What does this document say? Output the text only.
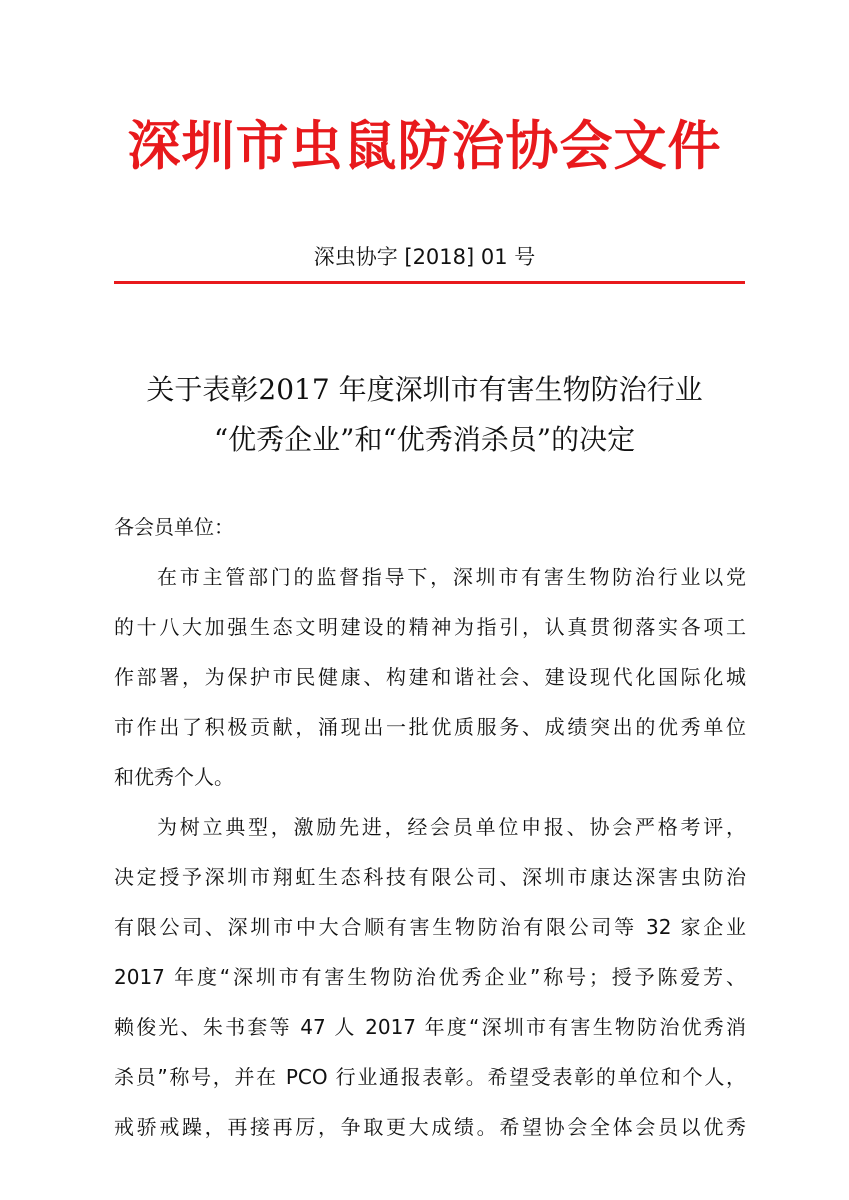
深圳市虫鼠防治协会文件
深虫协字 [2018] 01 号
关于表彰2017 年度深圳市有害生物防治行业
“优秀企业”和“优秀消杀员”的决定
各会员单位：
在市主管部门的监督指导下，深圳市有害生物防治行业以党
的十八大加强生态文明建设的精神为指引，认真贯彻落实各项工
作部署，为保护市民健康、构建和谐社会、建设现代化国际化城
市作出了积极贡献，涌现出一批优质服务、成绩突出的优秀单位
和优秀个人。
为树立典型，激励先进，经会员单位申报、协会严格考评，
决定授予深圳市翔虹生态科技有限公司、深圳市康达深害虫防治
有限公司、深圳市中大合顺有害生物防治有限公司等 32 家企业
2017 年度“深圳市有害生物防治优秀企业”称号；授予陈爱芳、
赖俊光、朱书套等 47 人 2017 年度“深圳市有害生物防治优秀消
杀员”称号，并在 PCO 行业通报表彰。希望受表彰的单位和个人，
戒骄戒躁，再接再厉，争取更大成绩。希望协会全体会员以优秀
